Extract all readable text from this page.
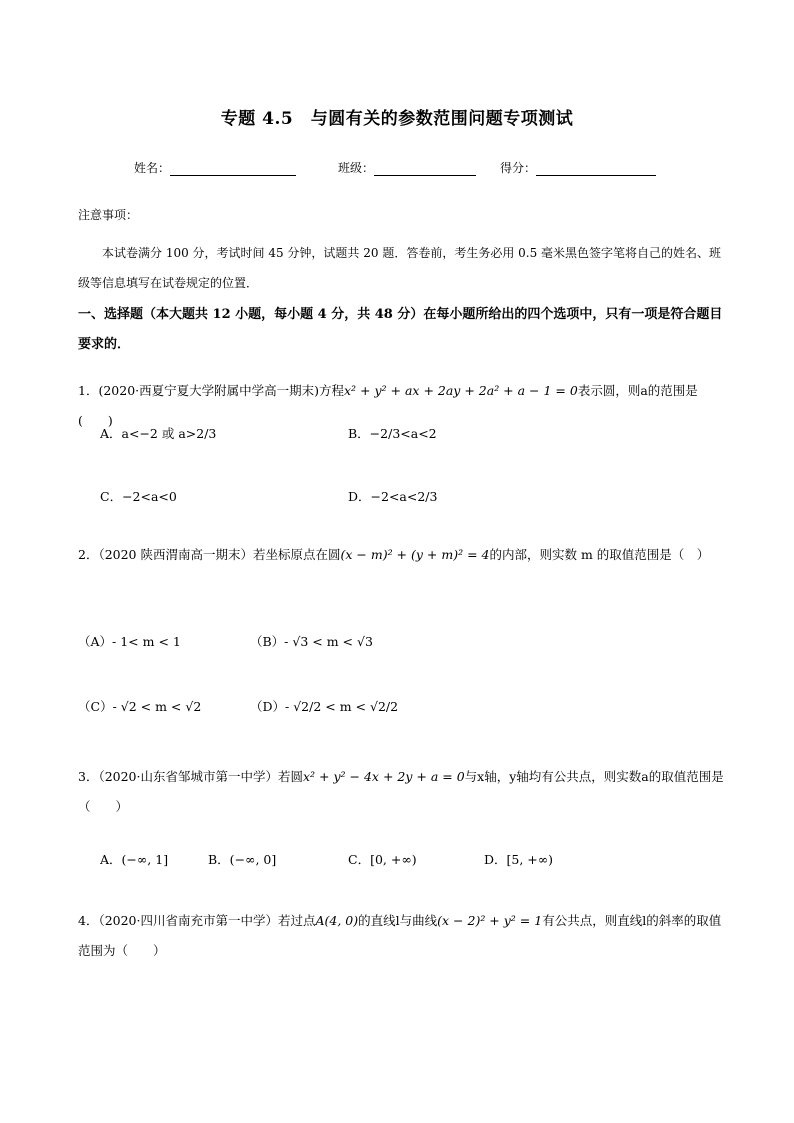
专题 4.5　与圆有关的参数范围问题专项测试
姓名：	班级：	得分：
注意事项：
本试卷满分 100 分，考试时间 45 分钟，试题共 20 题．答卷前，考生务必用 0.5 毫米黑色签字笔将自己的姓名、班级等信息填写在试卷规定的位置．
一、选择题（本大题共 12 小题，每小题 4 分，共 48 分）在每小题所给出的四个选项中，只有一项是符合题目要求的．
1．(2020·西夏宁夏大学附属中学高一期末)方程x² + y² + ax + 2ay + 2a² + a − 1 = 0表示圆，则a的范围是(　　)
A．a<−2 或 a>2/3	B．−2/3<a<2
C．−2<a<0	D．−2<a<2/3
2．（2020 陕西渭南高一期末）若坐标原点在圆(x − m)² + (y + m)² = 4的内部，则实数 m 的取值范围是（　）
（A）- 1< m < 1	（B）- √3 < m < √3
（C）- √2 < m < √2	（D）- √2/2 < m < √2/2
3．（2020·山东省邹城市第一中学）若圆x² + y² − 4x + 2y + a = 0与x轴，y轴均有公共点，则实数a的取值范围是（　　）
A．(−∞, 1]	B．(−∞, 0]	C．[0, +∞)	D．[5, +∞)
4．（2020·四川省南充市第一中学）若过点A(4, 0)的直线l与曲线(x − 2)² + y² = 1有公共点，则直线l的斜率的取值范围为（　　）
